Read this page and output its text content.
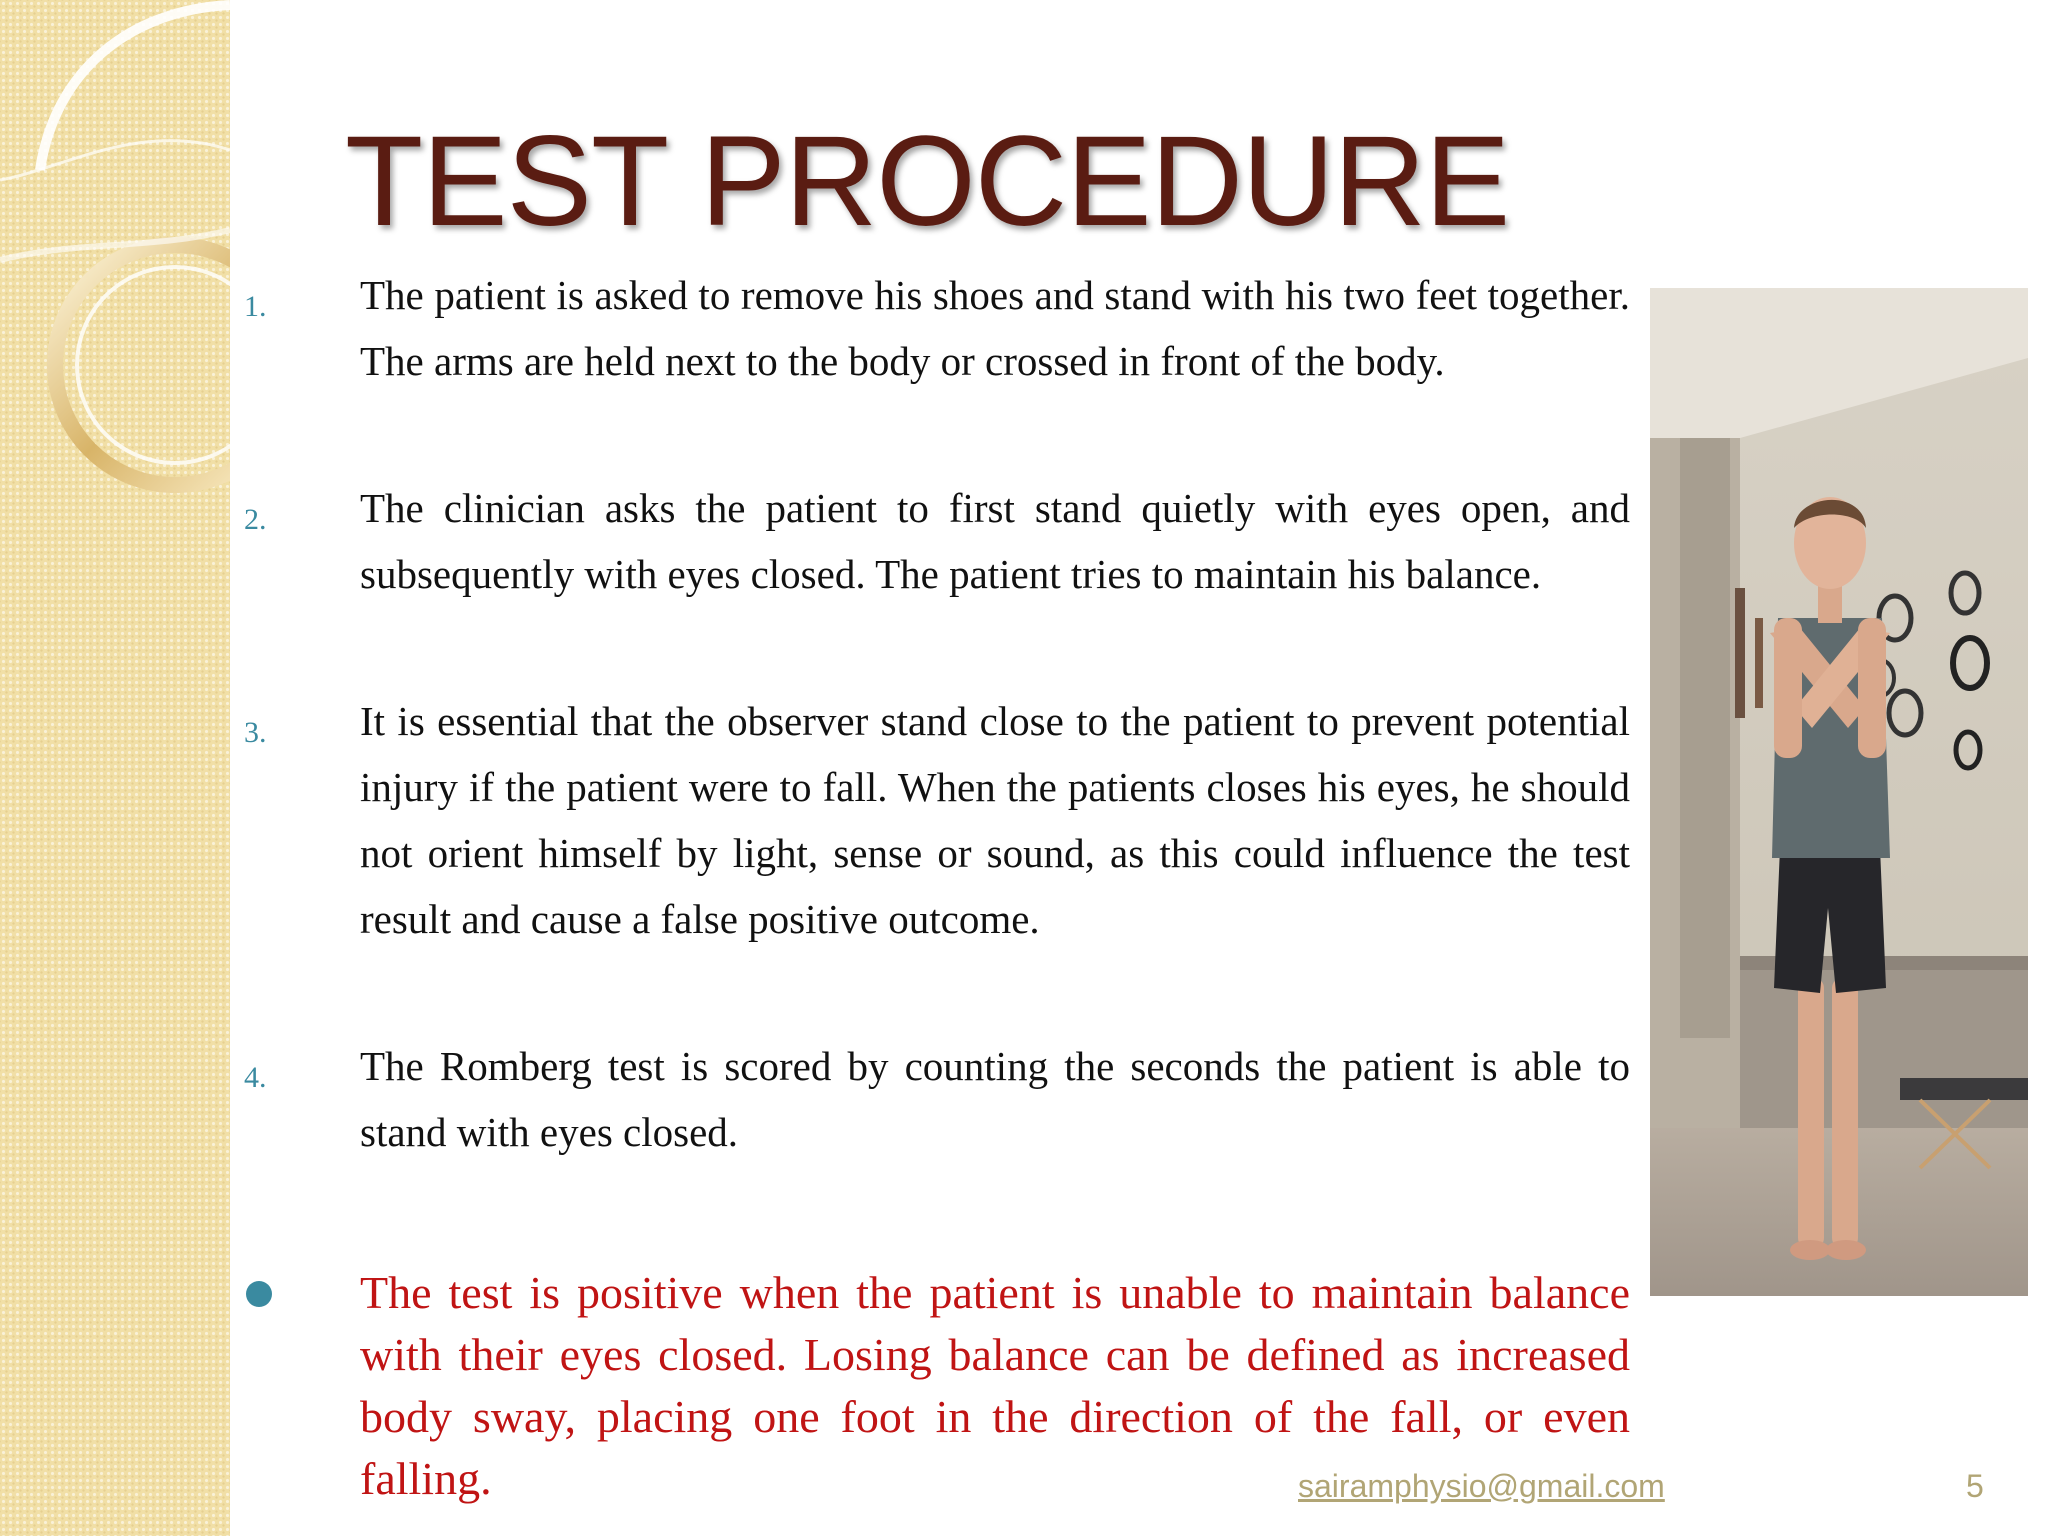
TEST PROCEDURE
1. The patient is asked to remove his shoes and stand with his two feet together. The arms are held next to the body or crossed in front of the body.
2. The clinician asks the patient to first stand quietly with eyes open, and subsequently with eyes closed. The patient tries to maintain his balance.
3. It is essential that the observer stand close to the patient to prevent potential injury if the patient were to fall. When the patients closes his eyes, he should not orient himself by light, sense or sound, as this could influence the test result and cause a false positive outcome.
4. The Romberg test is scored by counting the seconds the patient is able to stand with eyes closed.
The test is positive when the patient is unable to maintain balance with their eyes closed. Losing balance can be defined as increased body sway, placing one foot in the direction of the fall, or even falling.	sairamphysio@gmail.com	5
